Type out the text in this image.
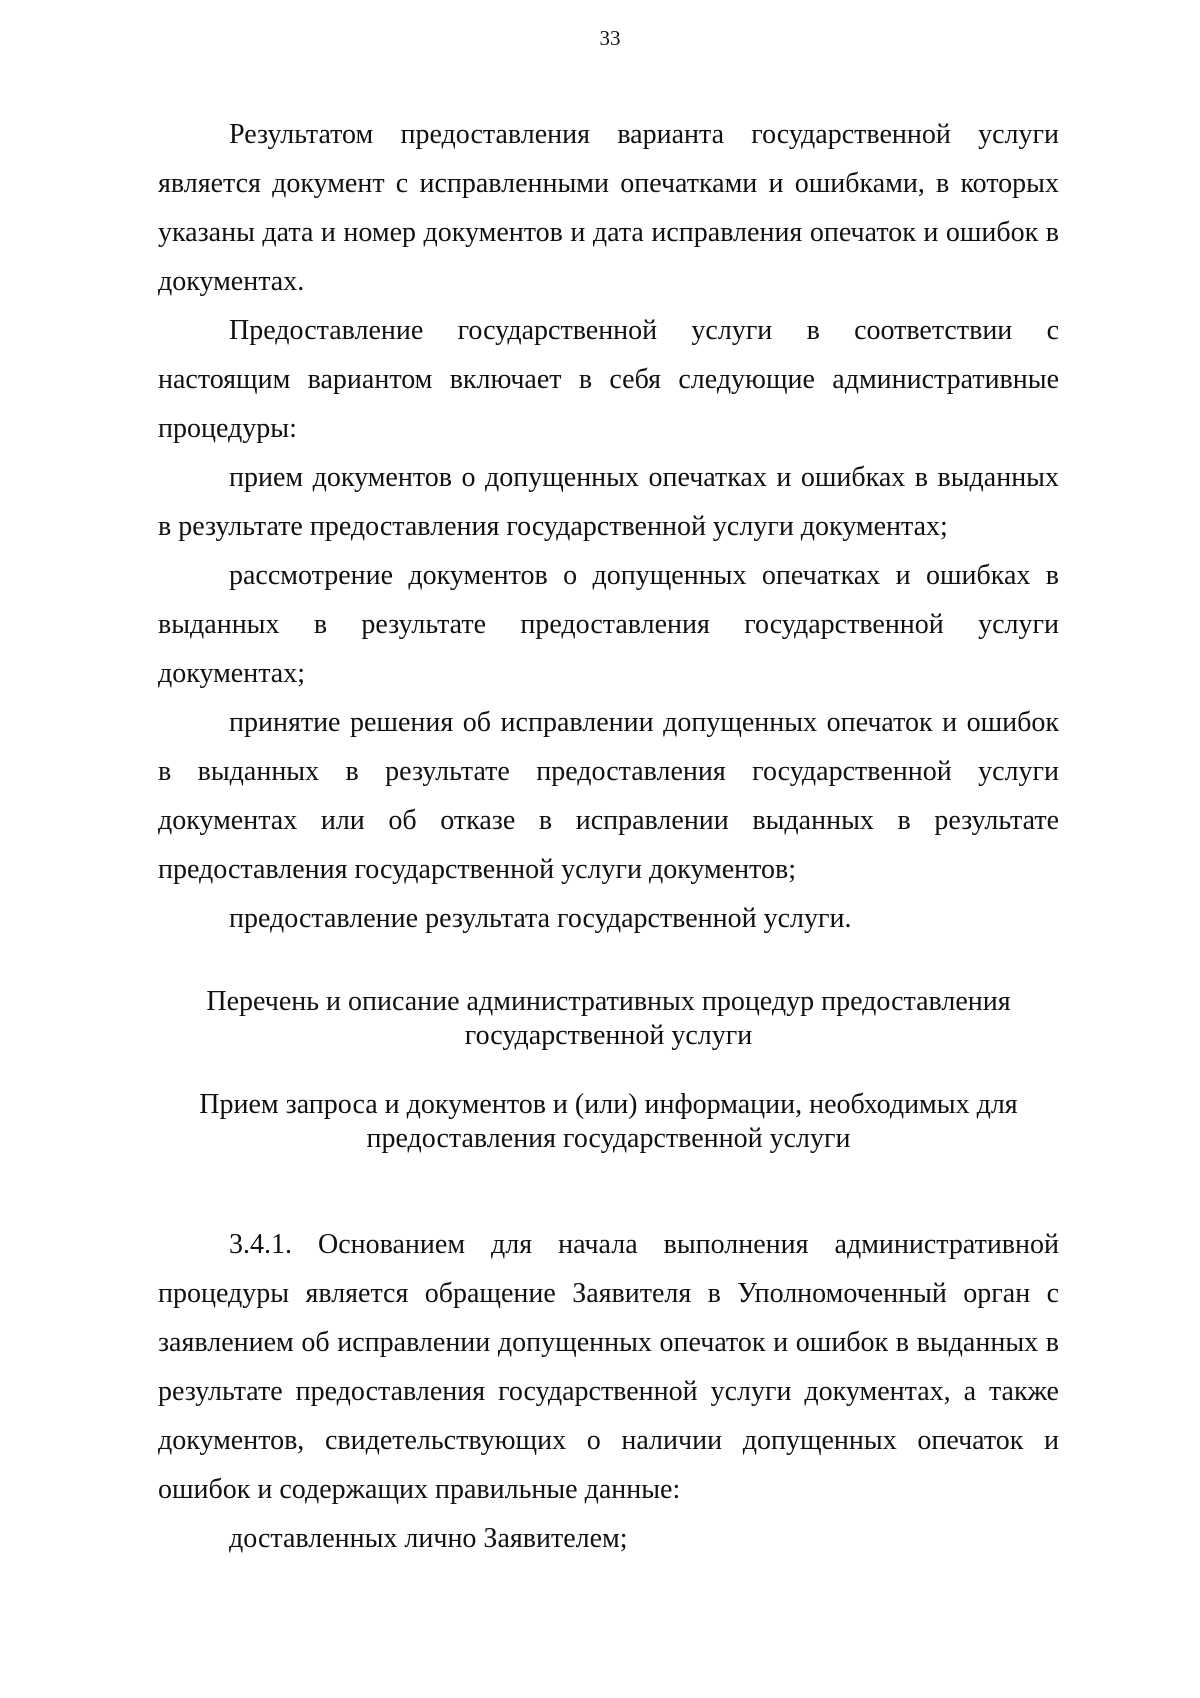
33

Результатом предоставления варианта государственной услуги является документ с исправленными опечатками и ошибками, в которых указаны дата и номер документов и дата исправления опечаток и ошибок в документах.

Предоставление государственной услуги в соответствии с настоящим вариантом включает в себя следующие административные процедуры:

прием документов о допущенных опечатках и ошибках в выданных в результате предоставления государственной услуги документах;

рассмотрение документов о допущенных опечатках и ошибках в выданных в результате предоставления государственной услуги документах;

принятие решения об исправлении допущенных опечаток и ошибок в выданных в результате предоставления государственной услуги документах или об отказе в исправлении выданных в результате предоставления государственной услуги документов;

предоставление результата государственной услуги.

Перечень и описание административных процедур предоставления государственной услуги

Прием запроса и документов и (или) информации, необходимых для предоставления государственной услуги

3.4.1. Основанием для начала выполнения административной процедуры является обращение Заявителя в Уполномоченный орган с заявлением об исправлении допущенных опечаток и ошибок в выданных в результате предоставления государственной услуги документах, а также документов, свидетельствующих о наличии допущенных опечаток и ошибок и содержащих правильные данные:

доставленных лично Заявителем;
